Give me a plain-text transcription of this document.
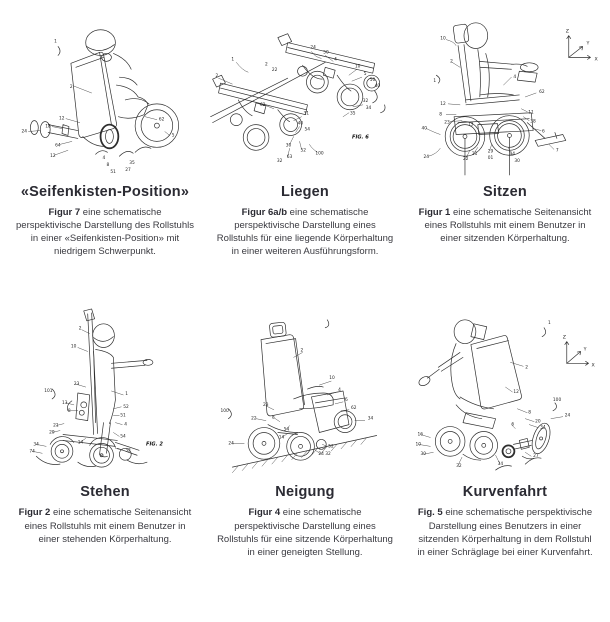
1
2
12
18
24
64
12	4
8
51
35
27
62
5
«Seifenkisten-Position»

Figur 7 eine schematische perspektivische Darstellung des Rollstuhls in einer «Seifenkisten-Position» mit niedrigem Schwerpunkt.

1
2
2
22
24
50
4
10
5
50
40
62
31
40
54
34
32
35
30
52
63
32
100
FIG. 6
Liegen

Figur 6a/b eine schematische perspektivische Darstellung eines Rollstuhls für eine liegende Körperhaltung in einer weiteren Ausführungsform.

Z
Y
X
10
2
1
12
8
23	13
4
62
11
38
6
7
40
24	22
21
29
01
34
30
Sitzen

Figur 1 eine schematische Seitenansicht eines Rollstuhls mit einem Benutzer in einer sitzenden Körperhaltung.

2
10
1
23
101
13
8
21
29
52
51
4
54
14
34
74	32
FIG. 2
Stehen

Figur 2 eine schematische Seitenansicht eines Rollstuhls mit einem Benutzer in einer stehenden Körperhaltung.

2
10
4
6
62
34
100
23
22	8
54
14
24
24 32
52
Neigung

Figur 4 eine schematische perspektivische Darstellung eines Rollstuhls für eine sitzende Körperhaltung in einer geneigten Stellung.

Z
Y
X
1
2
12
100
8
24
20
34
16
10
30
32	34
27
6
Kurvenfahrt

Fig. 5 eine schematische perspektivische Darstellung eines Benutzers in einer sitzenden Körperhaltung in dem Rollstuhl in einer Schräglage bei einer Kurvenfahrt.
